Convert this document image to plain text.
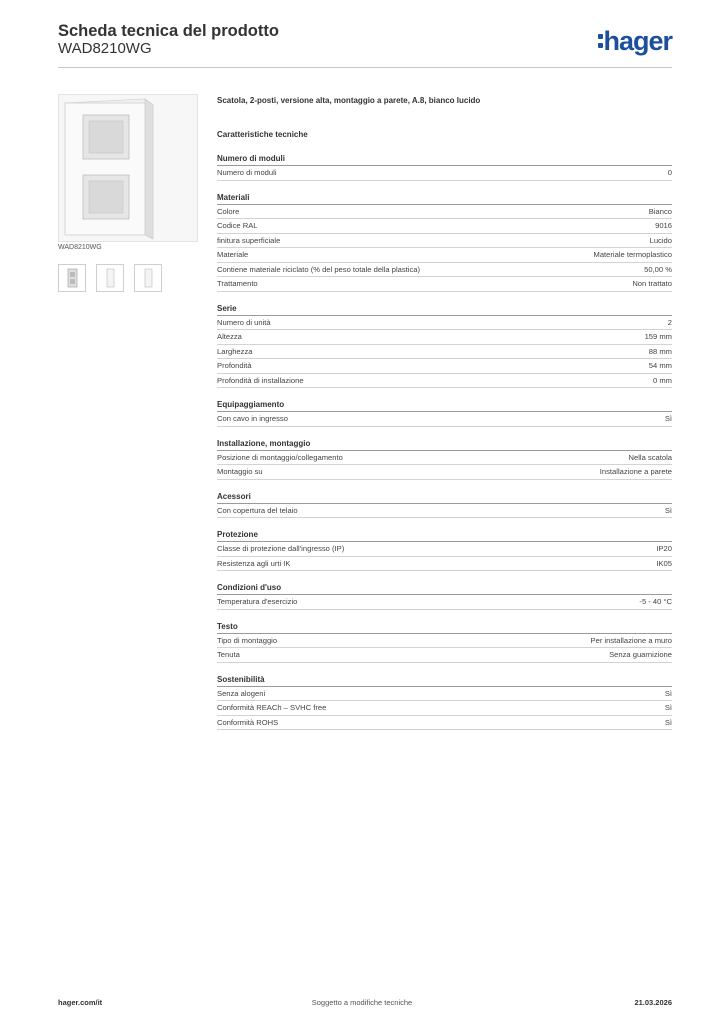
Scheda tecnica del prodotto
WAD8210WG	hager
WAD8210WG
Scatola, 2-posti, versione alta, montaggio a parete, A.8, bianco lucido
Caratteristiche tecniche
Numero di moduli
Numero di moduli	0
Materiali
Colore	Bianco
Codice RAL	9016
finitura superficiale	Lucido
Materiale	Materiale termoplastico
Contiene materiale riciclato (% del peso totale della plastica)	50,00 %
Trattamento	Non trattato
Serie
Numero di unità	2
Altezza	159 mm
Larghezza	88 mm
Profondità	54 mm
Profondità di installazione	0 mm
Equipaggiamento
Con cavo in ingresso	Sì
Installazione, montaggio
Posizione di montaggio/collegamento	Nella scatola
Montaggio su	Installazione a parete
Acessori
Con copertura del telaio	Sì
Protezione
Classe di protezione dall'ingresso (IP)	IP20
Resistenza agli urti IK	IK05
Condizioni d'uso
Temperatura d'esercizio	-5 - 40 °C
Testo
Tipo di montaggio	Per installazione a muro
Tenuta	Senza guarnizione
Sostenibilità
Senza alogeni	Sì
Conformità REACh – SVHC free	Sì
Conformità ROHS	Sì
hager.com/it	Soggetto a modifiche tecniche	21.03.2026
